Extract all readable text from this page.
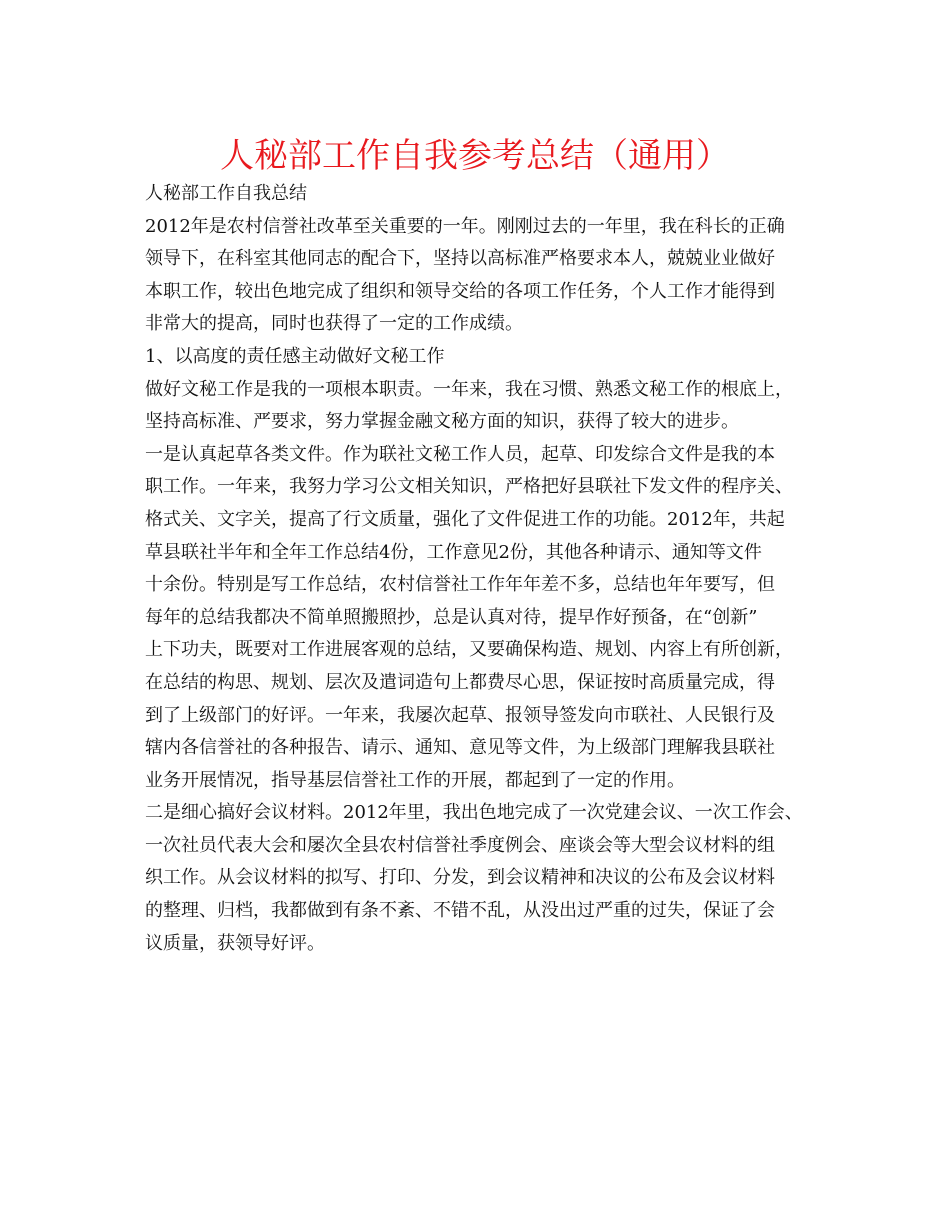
人秘部工作自我参考总结（通用）
人秘部工作自我总结
2012年是农村信誉社改革至关重要的一年。刚刚过去的一年里，我在科长的正确
领导下，在科室其他同志的配合下，坚持以高标准严格要求本人，兢兢业业做好
本职工作，较出色地完成了组织和领导交给的各项工作任务，个人工作才能得到
非常大的提高，同时也获得了一定的工作成绩。
1、以高度的责任感主动做好文秘工作
做好文秘工作是我的一项根本职责。一年来，我在习惯、熟悉文秘工作的根底上，
坚持高标准、严要求，努力掌握金融文秘方面的知识，获得了较大的进步。
一是认真起草各类文件。作为联社文秘工作人员，起草、印发综合文件是我的本
职工作。一年来，我努力学习公文相关知识，严格把好县联社下发文件的程序关、
格式关、文字关，提高了行文质量，强化了文件促进工作的功能。2012年，共起
草县联社半年和全年工作总结4份，工作意见2份，其他各种请示、通知等文件
十余份。特别是写工作总结，农村信誉社工作年年差不多，总结也年年要写，但
每年的总结我都决不简单照搬照抄，总是认真对待，提早作好预备，在“创新”
上下功夫，既要对工作进展客观的总结，又要确保构造、规划、内容上有所创新，
在总结的构思、规划、层次及遣词造句上都费尽心思，保证按时高质量完成，得
到了上级部门的好评。一年来，我屡次起草、报领导签发向市联社、人民银行及
辖内各信誉社的各种报告、请示、通知、意见等文件，为上级部门理解我县联社
业务开展情况，指导基层信誉社工作的开展，都起到了一定的作用。
二是细心搞好会议材料。2012年里，我出色地完成了一次党建会议、一次工作会、
一次社员代表大会和屡次全县农村信誉社季度例会、座谈会等大型会议材料的组
织工作。从会议材料的拟写、打印、分发，到会议精神和决议的公布及会议材料
的整理、归档，我都做到有条不紊、不错不乱，从没出过严重的过失，保证了会
议质量，获领导好评。
